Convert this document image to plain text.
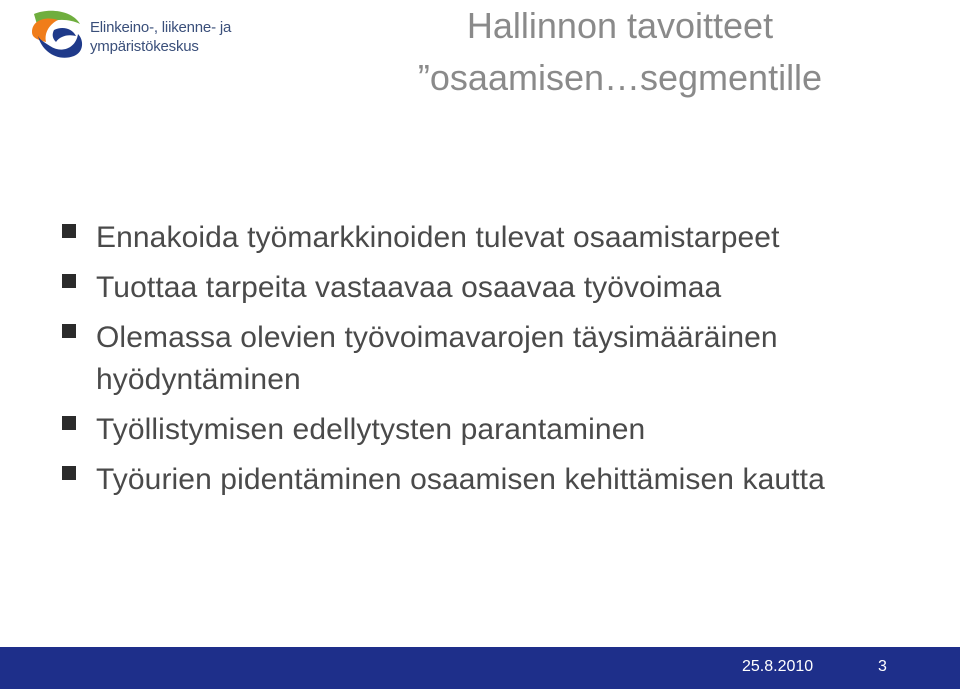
Elinkeino-, liikenne- ja
ympäristökeskus
Hallinnon tavoitteet
”osaamisen…segmentille
Ennakoida työmarkkinoiden tulevat osaamistarpeet
Tuottaa tarpeita vastaavaa osaavaa työvoimaa
Olemassa olevien työvoimavarojen täysimääräinen hyödyntäminen
Työllistymisen edellytysten parantaminen
Työurien pidentäminen osaamisen kehittämisen kautta
25.8.2010	3
